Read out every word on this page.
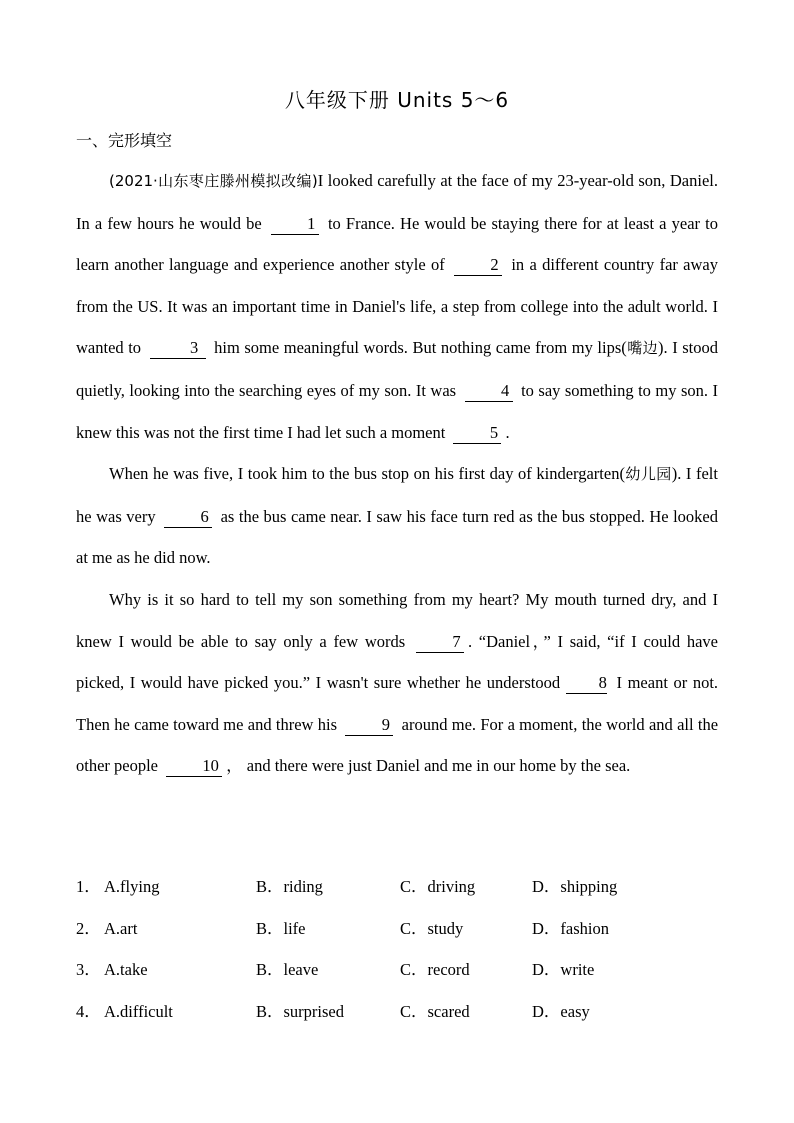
八年级下册 Units 5～6
一、完形填空

(2021·山东枣庄滕州模拟改编)I looked carefully at the face of my 23-year-old son, Daniel. In a few hours he would be	1 to France. He would be staying there for at least a year to learn another language and experience another style of	2 in a different country far away from the US. It was an important time in Daniel's life, a step from college into the adult world. I wanted to	3 him some meaningful words. But nothing came from my lips(嘴边). I stood quietly, looking into the searching eyes of my son. It was	4 to say something to my son. I knew this was not the first time I had let such a moment	5 .

When he was five, I took him to the bus stop on his first day of kindergarten(幼儿园). I felt he was very	6 as the bus came near. I saw his face turn red as the bus stopped. He looked at me as he did now.

Why is it so hard to tell my son something from my heart? My mouth turned dry, and I knew I would be able to say only a few words	7 . “Daniel，” I said, “if I could have picked, I would have picked you.” I wasn't sure whether he understood 8 I meant or not. Then he came toward me and threw his	9 around me. For a moment, the world and all the other people	10 ， and there were just Daniel and me in our home by the sea.

1． A.flying	B．riding	C．driving	D．shipping
2． A.art	B．life	C．study	D．fashion
3． A.take	B．leave	C．record	D．write
4． A.difficult	B．surprised	C．scared	D．easy
